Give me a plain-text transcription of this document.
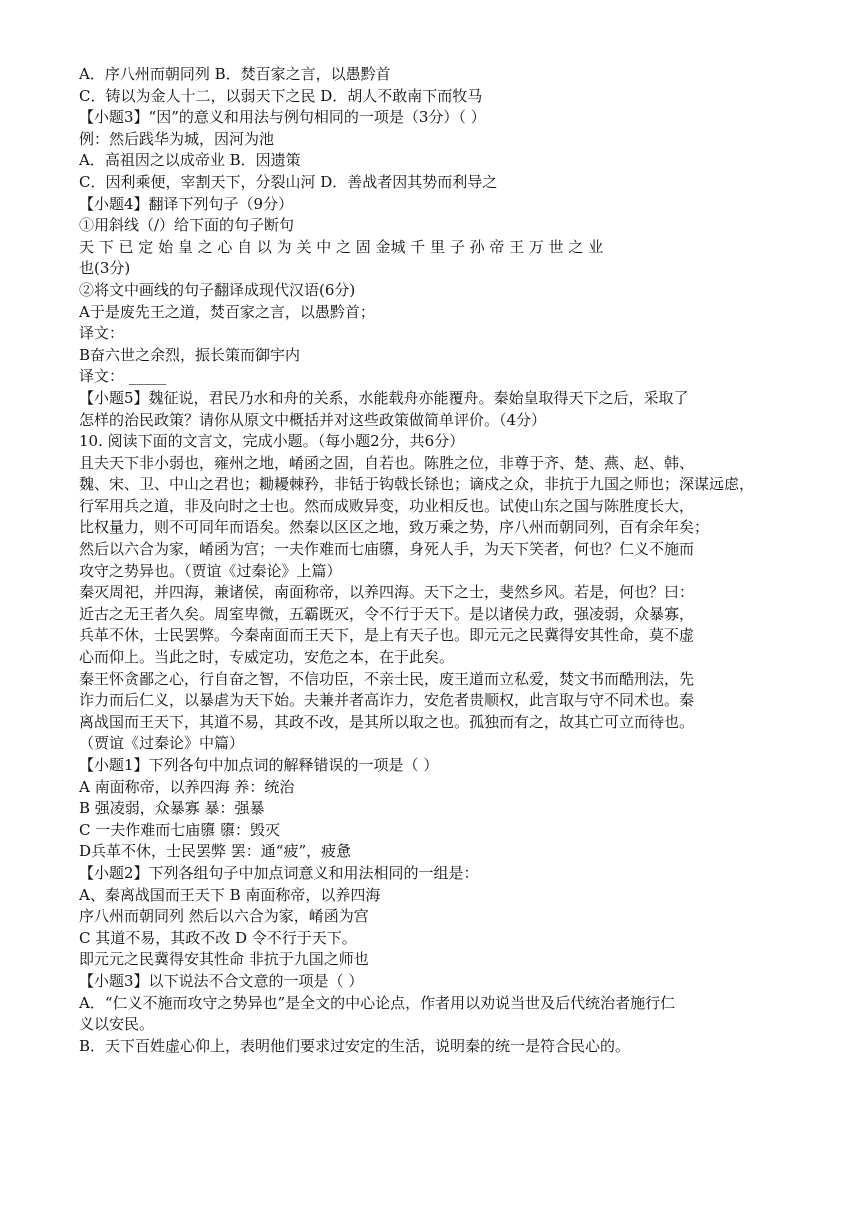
A．序八州而朝同列 B．焚百家之言，以愚黔首
C．铸以为金人十二，以弱天下之民 D．胡人不敢南下而牧马
【小题3】“因”的意义和用法与例句相同的一项是（3分）（ ）
例：然后践华为城，因河为池
A．高祖因之以成帝业 B．因遗策
C．因利乘便，宰割天下，分裂山河 D．善战者因其势而利导之
【小题4】翻译下列句子（9分）
①用斜线（/）给下面的句子断句
天 下 已 定 始 皇 之 心 自 以 为 关 中 之 固 金城 千 里 子 孙 帝 王 万 世 之 业
也(3分)
②将文中画线的句子翻译成现代汉语(6分)
A于是废先王之道，焚百家之言，以愚黔首；
译文：
B奋六世之余烈，振长策而御宇内
译文： _____
【小题5】魏征说，君民乃水和舟的关系，水能载舟亦能覆舟。秦始皇取得天下之后，采取了
怎样的治民政策？请你从原文中概括并对这些政策做简单评价。（4分）
10. 阅读下面的文言文，完成小题。（每小题2分，共6分）
且夫天下非小弱也，雍州之地，崤函之固，自若也。陈胜之位，非尊于齐、楚、燕、赵、韩、
魏、宋、卫、中山之君也；耡耰棘矜，非铦于钩戟长铩也；谪戍之众，非抗于九国之师也；深谋远虑，
行军用兵之道，非及向时之士也。然而成败异变，功业相反也。试使山东之国与陈胜度长大，
比权量力，则不可同年而语矣。然秦以区区之地，致万乘之势，序八州而朝同列，百有余年矣；
然后以六合为家，崤函为宫；一夫作难而七庙隳，身死人手，为天下笑者，何也？仁义不施而
攻守之势异也。（贾谊《过秦论》上篇）
秦灭周祀，并四海，兼诸侯，南面称帝，以养四海。天下之士，斐然乡风。若是，何也？曰：
近古之无王者久矣。周室卑微，五霸既灭，令不行于天下。是以诸侯力政，强凌弱，众暴寡，
兵革不休，士民罢弊。今秦南面而王天下，是上有天子也。即元元之民冀得安其性命，莫不虚
心而仰上。当此之时，专威定功，安危之本，在于此矣。
秦王怀贪鄙之心，行自奋之智，不信功臣，不亲士民，废王道而立私爱，焚文书而酷刑法，先
诈力而后仁义，以暴虐为天下始。夫兼并者高诈力，安危者贵顺权，此言取与守不同术也。秦
离战国而王天下，其道不易，其政不改，是其所以取之也。孤独而有之，故其亡可立而待也。
（贾谊《过秦论》中篇）
【小题1】下列各句中加点词的解释错误的一项是（ ）
A 南面称帝，以养四海 养：统治
B 强凌弱，众暴寡 暴：强暴
C 一夫作难而七庙隳 隳：毁灭
D兵革不休，士民罢弊 罢：通“疲”，疲惫
【小题2】下列各组句子中加点词意义和用法相同的一组是：
A、秦离战国而王天下 B 南面称帝，以养四海
序八州而朝同列 然后以六合为家，崤函为宫
C 其道不易，其政不改 D 令不行于天下。
即元元之民冀得安其性命 非抗于九国之师也
【小题3】以下说法不合文意的一项是（ ）
A．“仁义不施而攻守之势异也”是全文的中心论点，作者用以劝说当世及后代统治者施行仁
义以安民。
B．天下百姓虚心仰上，表明他们要求过安定的生活，说明秦的统一是符合民心的。
